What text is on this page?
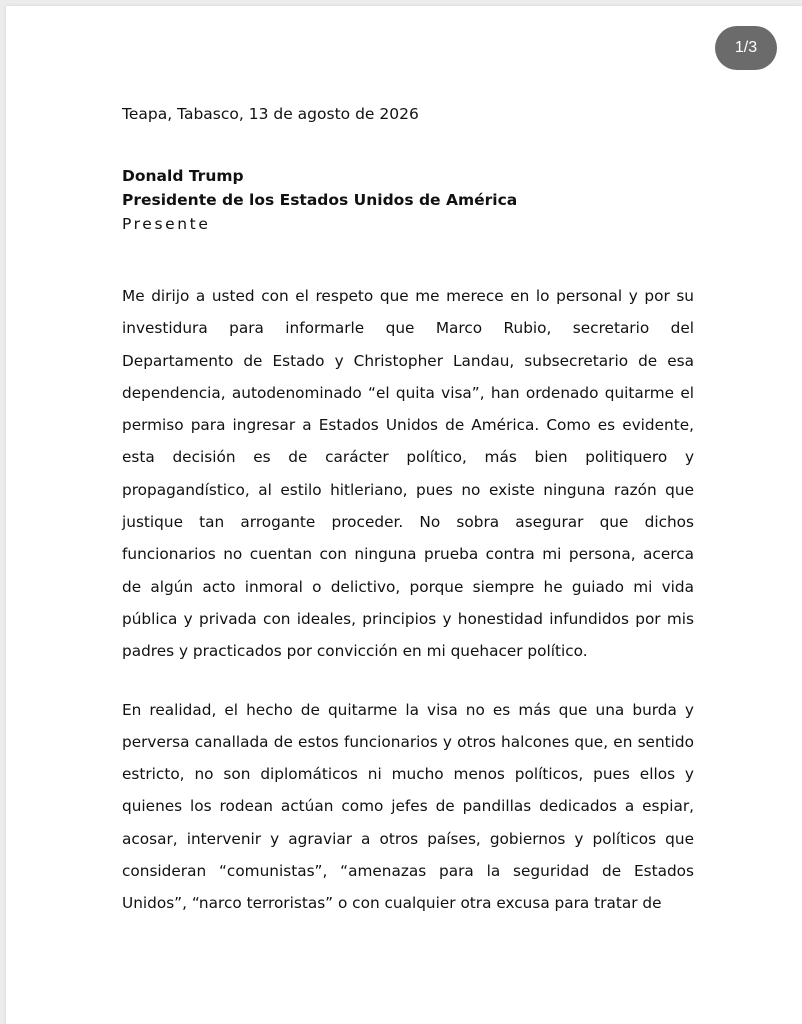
1/3

Teapa, Tabasco, 13 de agosto de 2026

Donald Trump
Presidente de los Estados Unidos de América
Presente

Me dirijo a usted con el respeto que me merece en lo personal y por su investidura para informarle que Marco Rubio, secretario del Departamento de Estado y Christopher Landau, subsecretario de esa dependencia, autodenominado “el quita visa”, han ordenado quitarme el permiso para ingresar a Estados Unidos de América. Como es evidente, esta decisión es de carácter político, más bien politiquero y propagandístico, al estilo hitleriano, pues no existe ninguna razón que justique tan arrogante proceder. No sobra asegurar que dichos funcionarios no cuentan con ninguna prueba contra mi persona, acerca de algún acto inmoral o delictivo, porque siempre he guiado mi vida pública y privada con ideales, principios y honestidad infundidos por mis padres y practicados por convicción en mi quehacer político.

En realidad, el hecho de quitarme la visa no es más que una burda y perversa canallada de estos funcionarios y otros halcones que, en sentido estricto, no son diplomáticos ni mucho menos políticos, pues ellos y quienes los rodean actúan como jefes de pandillas dedicados a espiar, acosar, intervenir y agraviar a otros países, gobiernos y políticos que consideran “comunistas”, “amenazas para la seguridad de Estados Unidos”, “narco terroristas” o con cualquier otra excusa para tratar de
